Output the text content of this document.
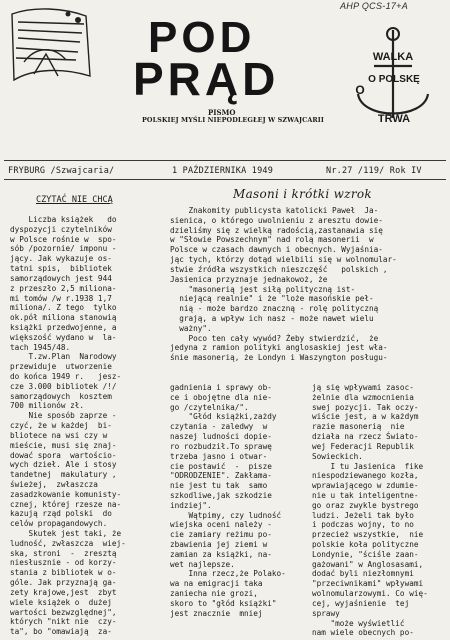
AHP QCS-17+A
POD
PRĄD
PISMO
POLSKIEJ MYŚLI NIEPODLEGŁEJ W SZWAJCARII
WALKA
O POLSKĘ
O
TRWA
FRYBURG /Szwajcaria/	1 PAŹDZIERNIKA 1949	Nr.27 /119/ Rok IV
CZYTAĆ NIE CHCĄ
Liczba książek   do
dyspozycji czytelników
w Polsce rośnie w  spo-
sób /pozornie/ imponu -
jący. Jak wykazuje os-
tatni spis,  bibliotek
samorządowych jest 944
z przeszło 2,5 milionа-
mi tomów /w r.1938 1,7
miliona/. Z tego  tylko
ok.pół miliona stanowią
książki przedwojenne, a
większość wydano w  la-
tach 1945/48.
T.zw.Plan  Narodowy
przewiduje  utworzenie
do końca 1949 r.   jesz-
cze 3.000 bibliotek /!/
samorządowych  kosztem
700 milionów zł.
Nie sposób zaprze -
czyć, że w każdej  bi-
bliotece na wsi czy w
mieście, musi się znaj-
dować spora  wartościo-
wych dzieł. Ale i stosy
tandetnej  makulatury ,
świeżej,  zwłaszcza
zasadzkowanie komunisty-
cznej, której rzesze na-
kazują rząd polski  do
celów propagandowych.
Skutek jest taki, że
ludność, zwłaszcza  wiej-
ska, stroni  -  zresztą
niesłusznie - od korzy-
stania z bibliotek w o-
góle. Jak przyznają ga-
zety krajowe,jest  zbyt
wiele książek o  dużej
wartości bezwzględnej",
których "nikt nie  czy-
ta", bo "omawiają  za-
Masoni i krótki wzrok
Znakomity publicysta katolicki Paweł  Ja-
sienica, o którego uwolnieniu z aresztu dowie-
dzieliśmy się z wielką radością,zastanawia się
w "Słowie Powszechnym" nad rolą masonerii  w
Polsce w czasach dawnych i obecnych. Wyjaśnia-
jąc tych, którzy dotąd wielbili się w wolnomular-
stwie źródła wszystkich nieszczęść   polskich ,
Jasienica przyznaje jednakowoż, że
"masonerią jest siłą polityczną ist-
niejącą realnie" i że "loże masońskie peł-
nią - może bardzo znaczną - rolę polityczną
grają, a wpływ ich nasz - może nawet wielu
ważny".
Poco ten cały wywód? Żeby stwierdzić,  że
jedyna z ramion polityki anglosaskiej jest wła-
śnie masonerią, że Londyn i Waszyngton posługu-
gadnienia i sprawy ob-
ce i obojętne dla nie-
go /czytelnika/".
"Głód książki,zażdy
czytania - zaledwy  w
naszej ludności dopie-
ro rozbudził.To sprawę
trzeba jasno i otwar-
cie postawić  -  pisze
"ODRODZENIE". Zakłama-
nie jest tu tak  samo
szkodliwe,jak szkodzie
indziej".
Wątpimy, czy ludność
wiejska oceni należy -
cie zamiary reżimu po-
zbawienia jej ziemi w
zamian za książki, na-
wet najlepsze.
Inna rzecz,że Polako-
wa na emigracji taka
zaniecha nie grozi,
skoro to "głód książki"
jest znacznie  mniej
ją się wpływami zasoc-
żelnie dla wzmocnienia
swej pozycji. Tak oczy-
wiście jest, a w każdym
razie masonerią  nie
działa na rzecz Świato-
wej Federacji Republik
Sowieckich.
I tu Jasienica  fike
niespodziewanego kozła,
wprawiającego w zdumie-
nie u tak inteligentne-
go oraz zwykle bystrego
ludzi. Jeżeli tak było
i podczas wojny, to no
przecież wszystkie,  nie
polskie koła polityczne
Londynie, "ściśle zaan-
gażowani" w Anglosasami,
dodać byli niezłomnymi
"przeciwnikami" wpływami
wolnomularzowymi. Co wię-
cej, wyjaśnienie  tej
sprawy
"może wyświetlić
nam wiele obecnych po-
